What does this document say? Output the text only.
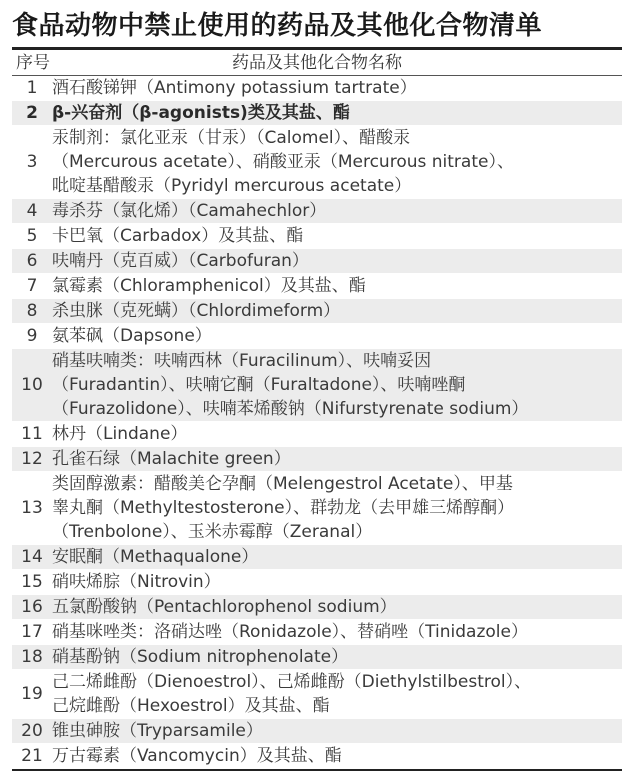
食品动物中禁止使用的药品及其他化合物清单
序号	药品及其他化合物名称
1	酒石酸锑钾（Antimony potassium tartrate）

2	β-兴奋剂（β-agonists)类及其盐、酯

3	汞制剂：氯化亚汞（甘汞）（Calomel）、醋酸汞
（Mercurous acetate）、硝酸亚汞（Mercurous nitrate）、
吡啶基醋酸汞（Pyridyl mercurous acetate）

4	毒杀芬（氯化烯）（Camahechlor）

5	卡巴氧（Carbadox）及其盐、酯

6	呋喃丹（克百威）（Carbofuran）

7	氯霉素（Chloramphenicol）及其盐、酯

8	杀虫脒（克死螨）（Chlordimeform）

9	氨苯砜（Dapsone）

10	硝基呋喃类：呋喃西林（Furacilinum）、呋喃妥因
（Furadantin）、呋喃它酮（Furaltadone）、呋喃唑酮
（Furazolidone）、呋喃苯烯酸钠（Nifurstyrenate sodium）

11	林丹（Lindane）

12	孔雀石绿（Malachite green）

13	类固醇激素：醋酸美仑孕酮（Melengestrol Acetate）、甲基
睾丸酮（Methyltestosterone）、群勃龙（去甲雄三烯醇酮）
（Trenbolone）、玉米赤霉醇（Zeranal）

14	安眠酮（Methaqualone）

15	硝呋烯腙（Nitrovin）

16	五氯酚酸钠（Pentachlorophenol sodium）

17	硝基咪唑类：洛硝达唑（Ronidazole）、替硝唑（Tinidazole）

18	硝基酚钠（Sodium nitrophenolate）

19	己二烯雌酚（Dienoestrol）、己烯雌酚（Diethylstilbestrol）、
己烷雌酚（Hexoestrol）及其盐、酯

20	锥虫砷胺（Tryparsamile）

21	万古霉素（Vancomycin）及其盐、酯
